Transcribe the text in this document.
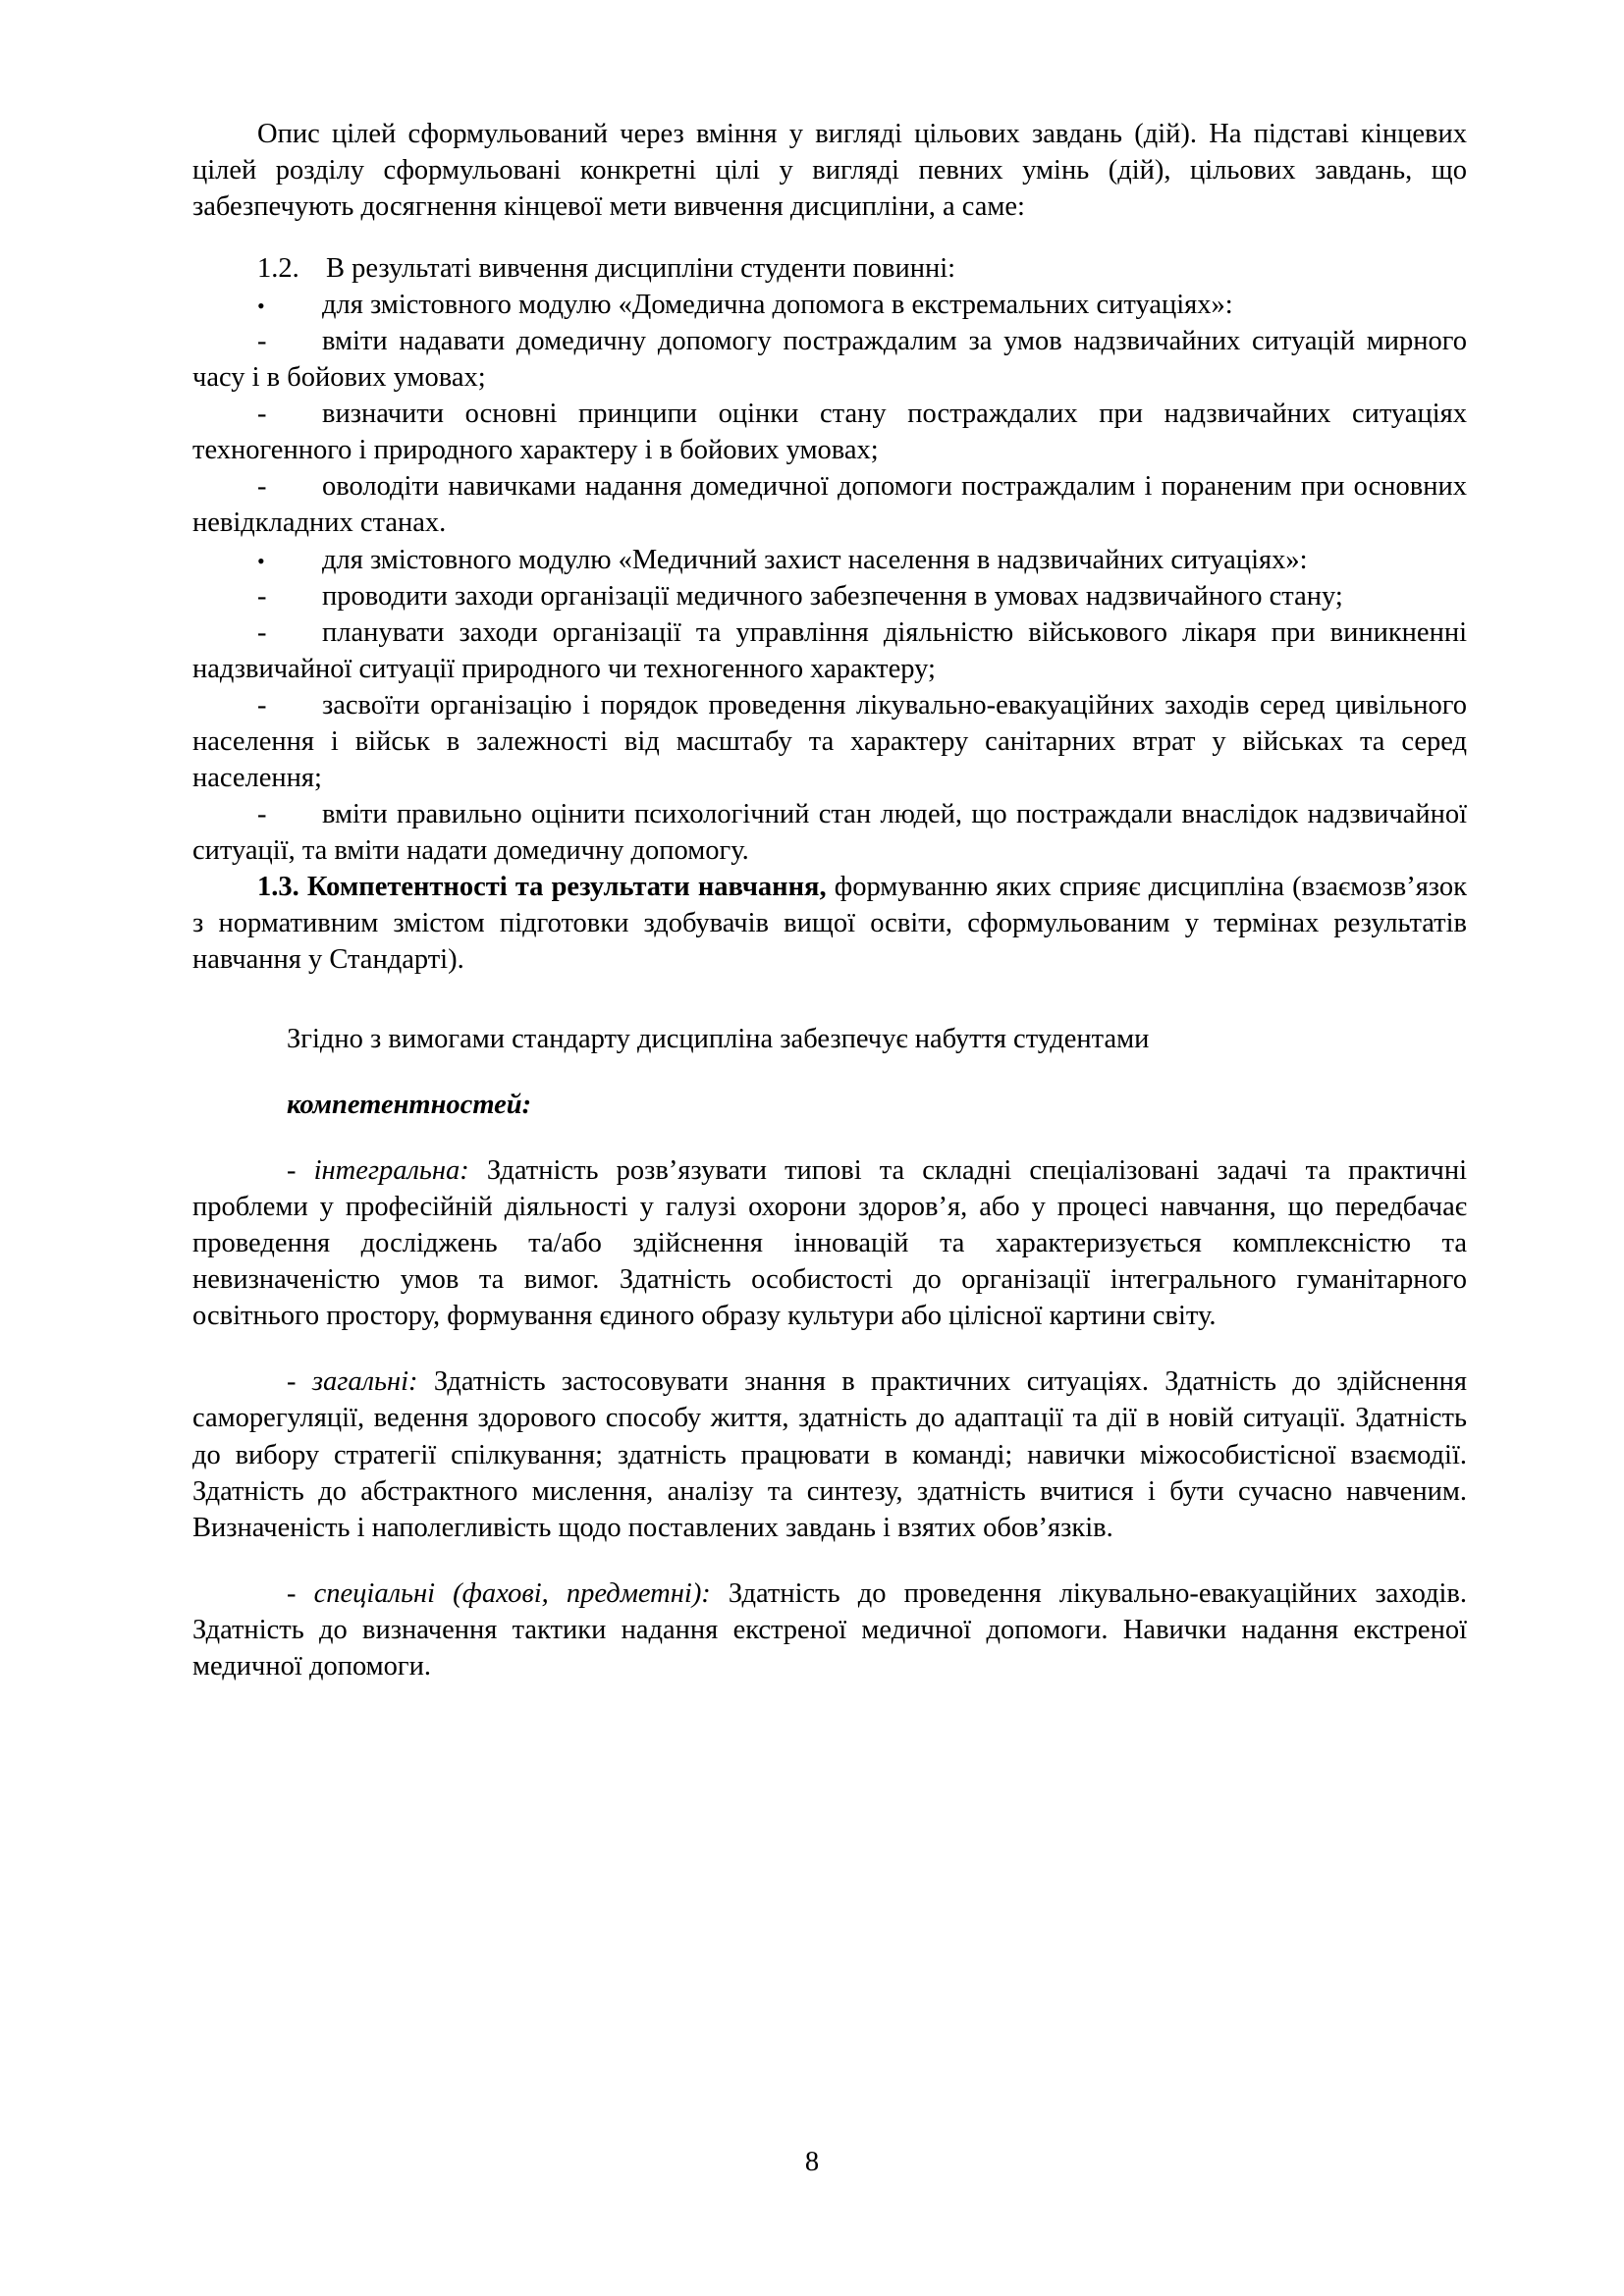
Опис цілей сформульований через вміння у вигляді цільових завдань (дій). На підставі кінцевих цілей розділу сформульовані конкретні цілі у вигляді певних умінь (дій), цільових завдань, що забезпечують досягнення кінцевої мети вивчення дисципліни, а саме:

1.2. В результаті вивчення дисципліни студенти повинні:

• для змістовного модулю «Домедична допомога в екстремальних ситуаціях»:

- вміти надавати домедичну допомогу постраждалим за умов надзвичайних ситуацій мирного часу і в бойових умовах;

- визначити основні принципи оцінки стану постраждалих при надзвичайних ситуаціях техногенного і природного характеру і в бойових умовах;

- оволодіти навичками надання домедичної допомоги постраждалим і пораненим при основних невідкладних станах.

• для змістовного модулю «Медичний захист населення в надзвичайних ситуаціях»:

- проводити заходи організації медичного забезпечення в умовах надзвичайного стану;

- планувати заходи організації та управління діяльністю військового лікаря при виникненні надзвичайної ситуації природного чи техногенного характеру;

- засвоїти організацію і порядок проведення лікувально-евакуаційних заходів серед цивільного населення і військ в залежності від масштабу та характеру санітарних втрат у військах та серед населення;

- вміти правильно оцінити психологічний стан людей, що постраждали внаслідок надзвичайної ситуації, та вміти надати домедичну допомогу.

1.3. Компетентності та результати навчання, формуванню яких сприяє дисципліна (взаємозв’язок з нормативним змістом підготовки здобувачів вищої освіти, сформульованим у термінах результатів навчання у Стандарті).

Згідно з вимогами стандарту дисципліна забезпечує набуття студентами

компетентностей:

- інтегральна: Здатність розв’язувати типові та складні спеціалізовані задачі та практичні проблеми у професійній діяльності у галузі охорони здоров’я, або у процесі навчання, що передбачає проведення досліджень та/або здійснення інновацій та характеризується комплексністю та невизначеністю умов та вимог. Здатність особистості до організації інтегрального гуманітарного освітнього простору, формування єдиного образу культури або цілісної картини світу.

- загальні: Здатність застосовувати знання в практичних ситуаціях. Здатність до здійснення саморегуляції, ведення здорового способу життя, здатність до адаптації та дії в новій ситуації. Здатність до вибору стратегії спілкування; здатність працювати в команді; навички міжособистісної взаємодії. Здатність до абстрактного мислення, аналізу та синтезу, здатність вчитися і бути сучасно навченим. Визначеність і наполегливість щодо поставлених завдань і взятих обов’язків.

- спеціальні (фахові, предметні): Здатність до проведення лікувально-евакуаційних заходів. Здатність до визначення тактики надання екстреної медичної допомоги. Навички надання екстреної медичної допомоги.

8
